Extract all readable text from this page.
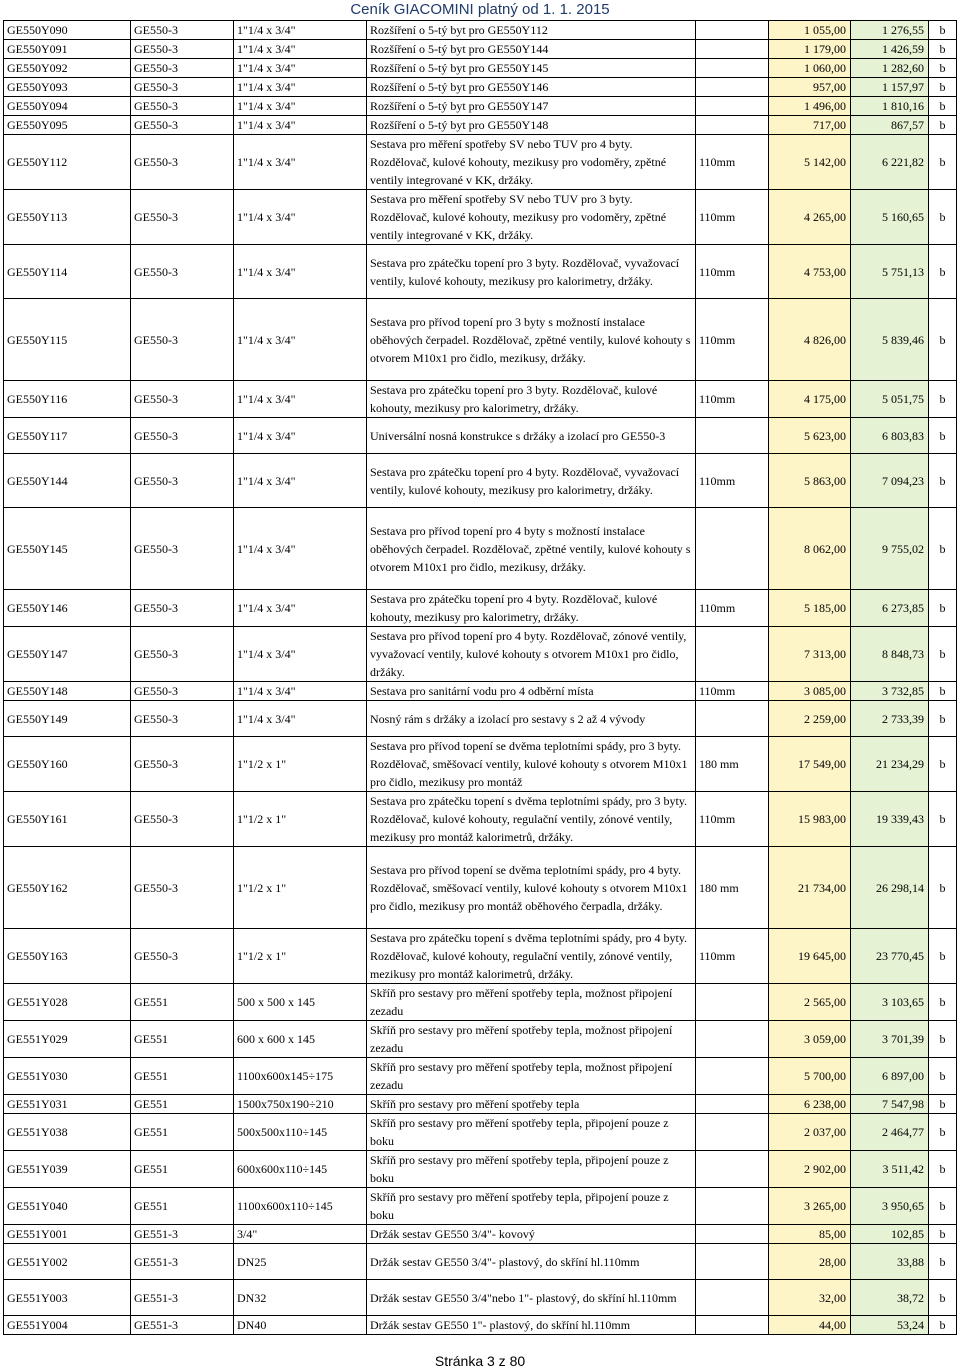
Ceník GIACOMINI platný od 1. 1. 2015
GE550Y090	GE550-3	1"1/4 x 3/4"	Rozšíření o 5-tý byt pro GE550Y112		1 055,00	1 276,55	b
GE550Y091	GE550-3	1"1/4 x 3/4"	Rozšíření o 5-tý byt pro GE550Y144		1 179,00	1 426,59	b
GE550Y092	GE550-3	1"1/4 x 3/4"	Rozšíření o 5-tý byt pro GE550Y145		1 060,00	1 282,60	b
GE550Y093	GE550-3	1"1/4 x 3/4"	Rozšíření o 5-tý byt pro GE550Y146		957,00	1 157,97	b
GE550Y094	GE550-3	1"1/4 x 3/4"	Rozšíření o 5-tý byt pro GE550Y147		1 496,00	1 810,16	b
GE550Y095	GE550-3	1"1/4 x 3/4"	Rozšíření o 5-tý byt pro GE550Y148		717,00	867,57	b
GE550Y112	GE550-3	1"1/4 x 3/4"	Sestava pro měření spotřeby SV nebo TUV pro 4 byty. Rozdělovač, kulové kohouty, mezikusy pro vodoměry, zpětné ventily integrované v KK, držáky.	110mm	5 142,00	6 221,82	b
GE550Y113	GE550-3	1"1/4 x 3/4"	Sestava pro měření spotřeby SV nebo TUV pro 3 byty. Rozdělovač, kulové kohouty, mezikusy pro vodoměry, zpětné ventily integrované v KK, držáky.	110mm	4 265,00	5 160,65	b
GE550Y114	GE550-3	1"1/4 x 3/4"	Sestava pro zpátečku topení pro 3 byty. Rozdělovač, vyvažovací ventily, kulové kohouty, mezikusy pro kalorimetry, držáky.	110mm	4 753,00	5 751,13	b
GE550Y115	GE550-3	1"1/4 x 3/4"	Sestava pro přívod topení pro 3 byty s možností instalace oběhových čerpadel. Rozdělovač, zpětné ventily, kulové kohouty s otvorem M10x1 pro čidlo, mezikusy, držáky.	110mm	4 826,00	5 839,46	b
GE550Y116	GE550-3	1"1/4 x 3/4"	Sestava pro zpátečku topení pro 3 byty. Rozdělovač, kulové kohouty, mezikusy pro kalorimetry, držáky.	110mm	4 175,00	5 051,75	b
GE550Y117	GE550-3	1"1/4 x 3/4"	Universální nosná konstrukce s držáky a izolací pro GE550-3		5 623,00	6 803,83	b
GE550Y144	GE550-3	1"1/4 x 3/4"	Sestava pro zpátečku topení pro 4 byty. Rozdělovač, vyvažovací ventily, kulové kohouty, mezikusy pro kalorimetry, držáky.	110mm	5 863,00	7 094,23	b
GE550Y145	GE550-3	1"1/4 x 3/4"	Sestava pro přívod topení pro 4 byty s možností instalace oběhových čerpadel. Rozdělovač, zpětné ventily, kulové kohouty s otvorem M10x1 pro čidlo, mezikusy, držáky.		8 062,00	9 755,02	b
GE550Y146	GE550-3	1"1/4 x 3/4"	Sestava pro zpátečku topení pro 4 byty. Rozdělovač, kulové kohouty, mezikusy pro kalorimetry, držáky.	110mm	5 185,00	6 273,85	b
GE550Y147	GE550-3	1"1/4 x 3/4"	Sestava pro přívod topení pro 4 byty. Rozdělovač, zónové ventily, vyvažovací ventily, kulové kohouty s otvorem M10x1 pro čidlo, držáky.		7 313,00	8 848,73	b
GE550Y148	GE550-3	1"1/4 x 3/4"	Sestava pro sanitární vodu pro 4 odběrní místa	110mm	3 085,00	3 732,85	b
GE550Y149	GE550-3	1"1/4 x 3/4"	Nosný rám s držáky a izolací pro sestavy s 2 až 4 vývody		2 259,00	2 733,39	b
GE550Y160	GE550-3	1"1/2 x 1"	Sestava pro přívod topení se dvěma teplotními spády, pro 3 byty. Rozdělovač, směšovací ventily, kulové kohouty s otvorem M10x1 pro čidlo, mezikusy pro montáž	180 mm	17 549,00	21 234,29	b
GE550Y161	GE550-3	1"1/2 x 1"	Sestava pro zpátečku topení s dvěma teplotními spády, pro 3 byty. Rozdělovač, kulové kohouty, regulační ventily, zónové ventily, mezikusy pro montáž kalorimetrů, držáky.	110mm	15 983,00	19 339,43	b
GE550Y162	GE550-3	1"1/2 x 1"	Sestava pro přívod topení se dvěma teplotními spády, pro 4 byty. Rozdělovač, směšovací ventily, kulové kohouty s otvorem M10x1 pro čidlo, mezikusy pro montáž oběhového čerpadla, držáky.	180 mm	21 734,00	26 298,14	b
GE550Y163	GE550-3	1"1/2 x 1"	Sestava pro zpátečku topení s dvěma teplotními spády, pro 4 byty. Rozdělovač, kulové kohouty, regulační ventily, zónové ventily, mezikusy pro montáž kalorimetrů, držáky.	110mm	19 645,00	23 770,45	b
GE551Y028	GE551	500 x 500 x 145	Skříň pro sestavy pro měření spotřeby tepla, možnost připojení zezadu		2 565,00	3 103,65	b
GE551Y029	GE551	600 x 600 x 145	Skříň pro sestavy pro měření spotřeby tepla, možnost připojení zezadu		3 059,00	3 701,39	b
GE551Y030	GE551	1100x600x145÷175	Skříň pro sestavy pro měření spotřeby tepla, možnost připojení zezadu		5 700,00	6 897,00	b
GE551Y031	GE551	1500x750x190÷210	Skříň pro sestavy pro měření spotřeby tepla		6 238,00	7 547,98	b
GE551Y038	GE551	500x500x110÷145	Skříň pro sestavy pro měření spotřeby tepla, připojení pouze z boku		2 037,00	2 464,77	b
GE551Y039	GE551	600x600x110÷145	Skříň pro sestavy pro měření spotřeby tepla, připojení pouze z boku		2 902,00	3 511,42	b
GE551Y040	GE551	1100x600x110÷145	Skříň pro sestavy pro měření spotřeby tepla, připojení pouze z boku		3 265,00	3 950,65	b
GE551Y001	GE551-3	3/4"	Držák sestav GE550 3/4"- kovový		85,00	102,85	b
GE551Y002	GE551-3	DN25	Držák sestav GE550 3/4"- plastový, do skříní hl.110mm		28,00	33,88	b
GE551Y003	GE551-3	DN32	Držák sestav GE550 3/4"nebo 1"- plastový, do skříní hl.110mm		32,00	38,72	b
GE551Y004	GE551-3	DN40	Držák sestav GE550 1"- plastový, do skříní hl.110mm		44,00	53,24	b
Stránka 3 z 80
